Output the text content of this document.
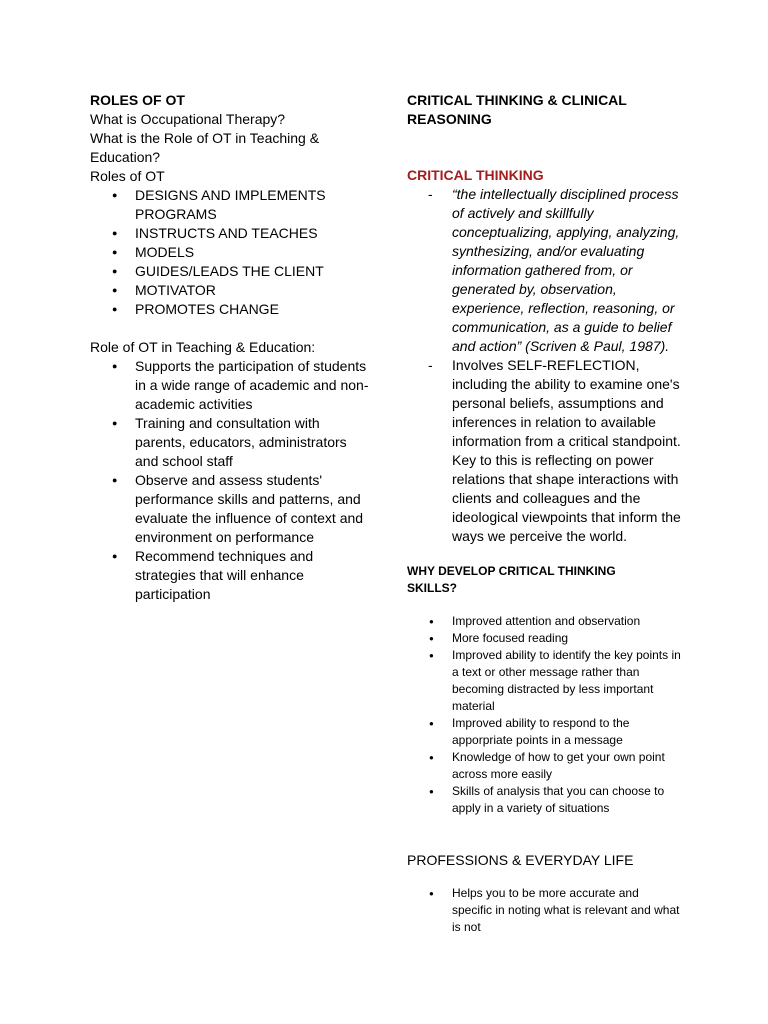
ROLES OF OT

What is Occupational Therapy?

What is the Role of OT in Teaching & Education?

Roles of OT

● DESIGNS AND IMPLEMENTS PROGRAMS
● INSTRUCTS AND TEACHES
● MODELS
● GUIDES/LEADS THE CLIENT
● MOTIVATOR
● PROMOTES CHANGE

Role of OT in Teaching & Education:

● Supports the participation of students in a wide range of academic and non- academic activities
● Training and consultation with parents, educators, administrators and school staff
● Observe and assess students' performance skills and patterns, and evaluate the influence of context and environment on performance
● Recommend techniques and strategies that will enhance participation

CRITICAL THINKING & CLINICAL REASONING

CRITICAL THINKING

- “the intellectually disciplined process of actively and skillfully conceptualizing, applying, analyzing, synthesizing, and/or evaluating information gathered from, or generated by, observation, experience, reflection, reasoning, or communication, as a guide to belief and action” (Scriven & Paul, 1987).
- Involves SELF-REFLECTION, including the ability to examine one's personal beliefs, assumptions and inferences in relation to available information from a critical standpoint. Key to this is reflecting on power relations that shape interactions with clients and colleagues and the ideological viewpoints that inform the ways we perceive the world.

WHY DEVELOP CRITICAL THINKING SKILLS?

● Improved attention and observation
● More focused reading
● Improved ability to identify the key points in a text or other message rather than becoming distracted by less important material
● Improved ability to respond to the apporpriate points in a message
● Knowledge of how to get your own point across more easily
● Skills of analysis that you can choose to apply in a variety of situations

PROFESSIONS & EVERYDAY LIFE

● Helps you to be more accurate and specific in noting what is relevant and what is not
